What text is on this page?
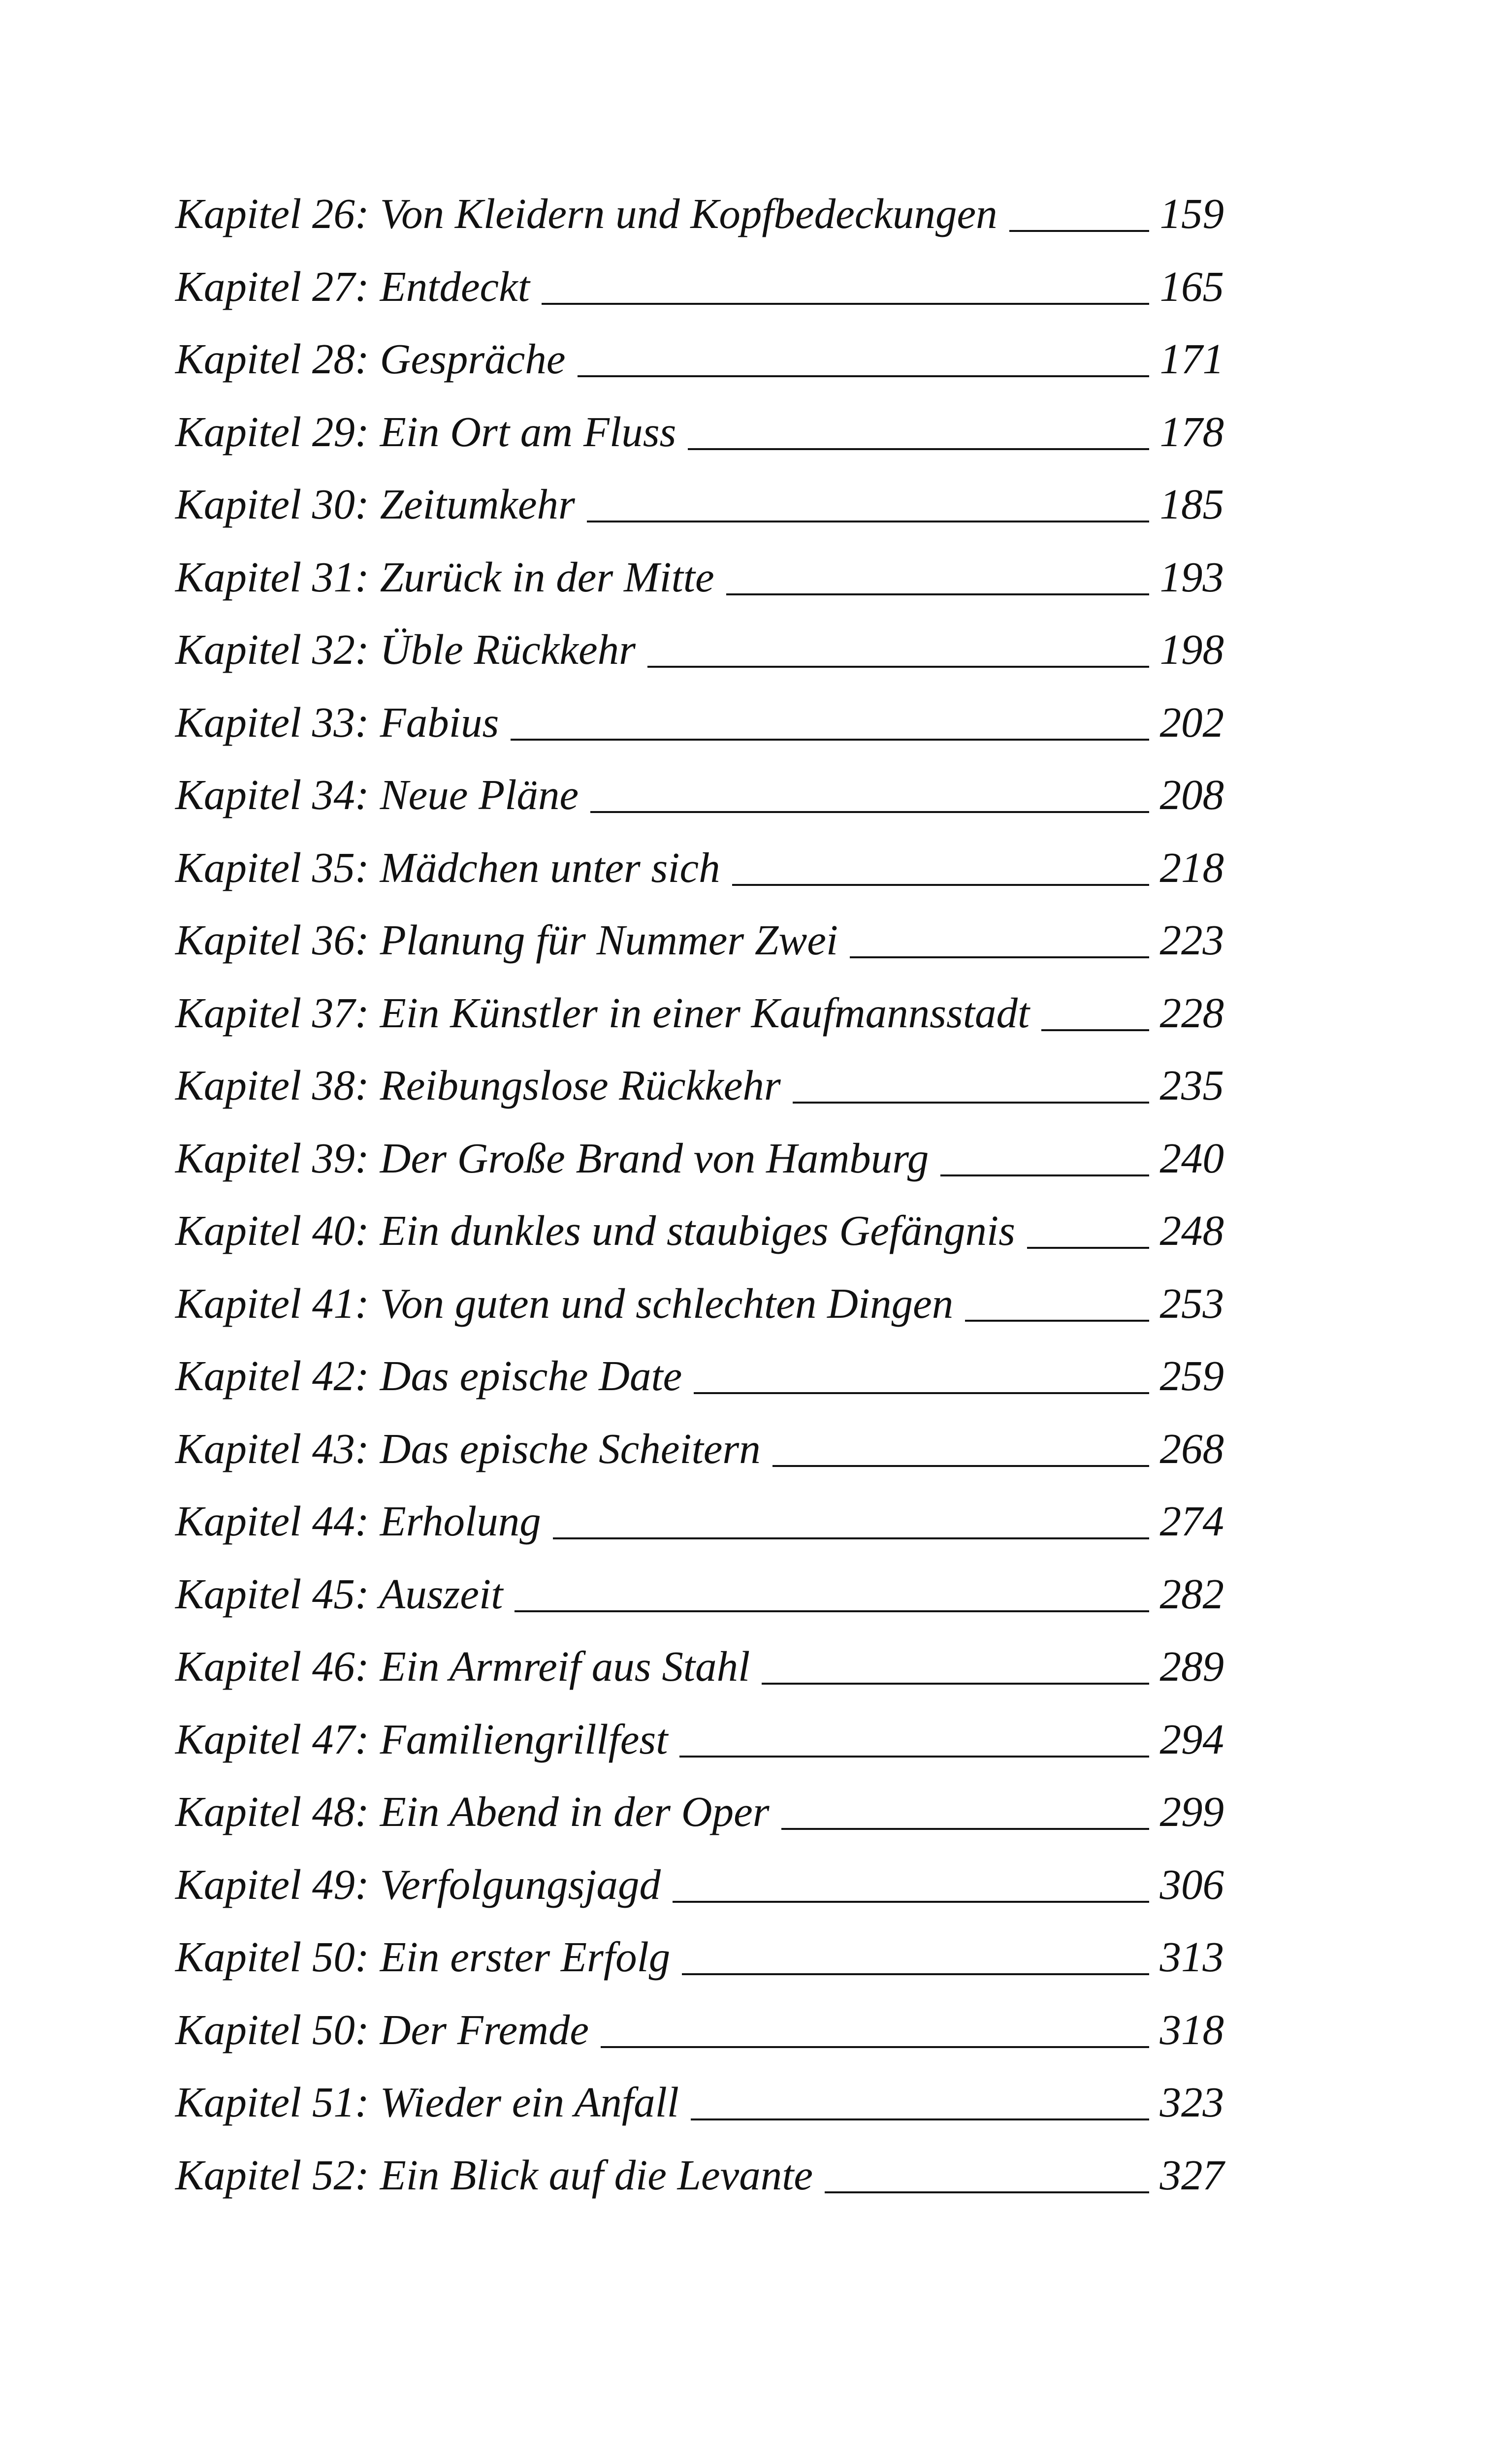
Kapitel 26: Von Kleidern und Kopfbedeckungen	159
Kapitel 27: Entdeckt	165
Kapitel 28: Gespräche	171
Kapitel 29: Ein Ort am Fluss	178
Kapitel 30: Zeitumkehr	185
Kapitel 31: Zurück in der Mitte	193
Kapitel 32: Üble Rückkehr	198
Kapitel 33: Fabius	202
Kapitel 34: Neue Pläne	208
Kapitel 35: Mädchen unter sich	218
Kapitel 36: Planung für Nummer Zwei	223
Kapitel 37: Ein Künstler in einer Kaufmannsstadt	228
Kapitel 38: Reibungslose Rückkehr	235
Kapitel 39: Der Große Brand von Hamburg	240
Kapitel 40: Ein dunkles und staubiges Gefängnis	248
Kapitel 41: Von guten und schlechten Dingen	253
Kapitel 42: Das epische Date	259
Kapitel 43: Das epische Scheitern	268
Kapitel 44: Erholung	274
Kapitel 45: Auszeit	282
Kapitel 46: Ein Armreif aus Stahl	289
Kapitel 47: Familiengrillfest	294
Kapitel 48: Ein Abend in der Oper	299
Kapitel 49: Verfolgungsjagd	306
Kapitel 50: Ein erster Erfolg	313
Kapitel 50: Der Fremde	318
Kapitel 51: Wieder ein Anfall	323
Kapitel 52: Ein Blick auf die Levante	327
